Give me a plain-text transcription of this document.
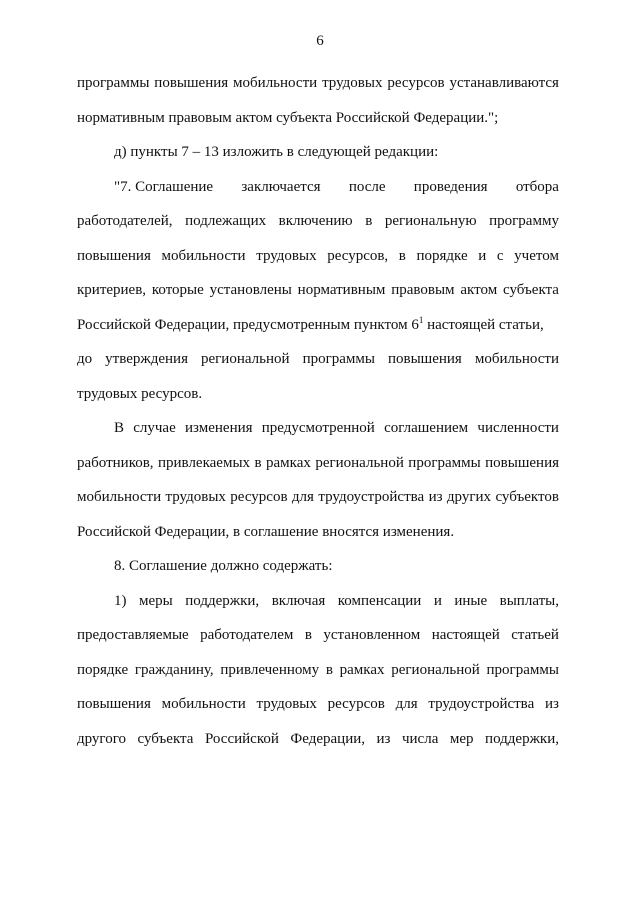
6
программы повышения мобильности трудовых ресурсов устанавливаются
нормативным правовым актом субъекта Российской Федерации.";
д) пункты 7 – 13 изложить в следующей редакции:
"7. Соглашение заключается после проведения отбора
работодателей, подлежащих включению в региональную программу
повышения мобильности трудовых ресурсов, в порядке и с учетом
критериев, которые установлены нормативным правовым актом субъекта
Российской Федерации, предусмотренным пунктом $6^1$ настоящей статьи,
до утверждения региональной программы повышения мобильности
трудовых ресурсов.
В случае изменения предусмотренной соглашением численности
работников, привлекаемых в рамках региональной программы повышения
мобильности трудовых ресурсов для трудоустройства из других субъектов
Российской Федерации, в соглашение вносятся изменения.
8. Соглашение должно содержать:
1) меры поддержки, включая компенсации и иные выплаты,
предоставляемые работодателем в установленном настоящей статьей
порядке гражданину, привлеченному в рамках региональной программы
повышения мобильности трудовых ресурсов для трудоустройства из
другого субъекта Российской Федерации, из числа мер поддержки,
